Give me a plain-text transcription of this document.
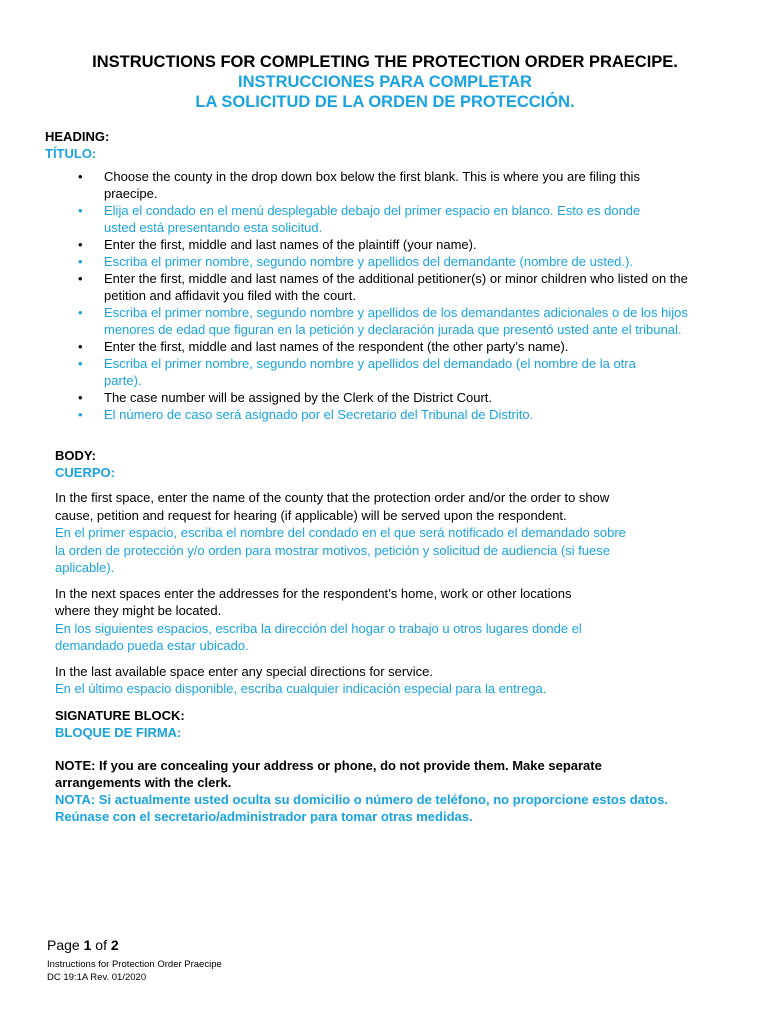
INSTRUCTIONS FOR COMPLETING THE PROTECTION ORDER PRAECIPE.
INSTRUCCIONES PARA COMPLETAR
LA SOLICITUD DE LA ORDEN DE PROTECCIÓN.
HEADING:
TÍTULO:
• Choose the county in the drop down box below the first blank. This is where you are filing this
praecipe.
• Elija el condado en el menú desplegable debajo del primer espacio en blanco. Esto es donde
usted está presentando esta solicitud.
• Enter the first, middle and last names of the plaintiff (your name).
• Escriba el primer nombre, segundo nombre y apellidos del demandante (nombre de usted.).
• Enter the first, middle and last names of the additional petitioner(s) or minor children who listed on the
petition and affidavit you filed with the court.
• Escriba el primer nombre, segundo nombre y apellidos de los demandantes adicionales o de los hijos
menores de edad que figuran en la petición y declaración jurada que presentó usted ante el tribunal.
• Enter the first, middle and last names of the respondent (the other party’s name).
• Escriba el primer nombre, segundo nombre y apellidos del demandado (el nombre de la otra
parte).
• The case number will be assigned by the Clerk of the District Court.
• El número de caso será asignado por el Secretario del Tribunal de Distrito.
BODY:
CUERPO:
In the first space, enter the name of the county that the protection order and/or the order to show
cause, petition and request for hearing (if applicable) will be served upon the respondent.
En el primer espacio, escriba el nombre del condado en el que será notificado el demandado sobre
la orden de protección y/o orden para mostrar motivos, petición y solicitud de audiencia (si fuese
aplicable).
In the next spaces enter the addresses for the respondent’s home, work or other locations
where they might be located.
En los siguientes espacios, escriba la dirección del hogar o trabajo u otros lugares donde el
demandado pueda estar ubicado.
In the last available space enter any special directions for service.
En el último espacio disponible, escriba cualquier indicación especial para la entrega.
SIGNATURE BLOCK:
BLOQUE DE FIRMA:
NOTE: If you are concealing your address or phone, do not provide them. Make separate
arrangements with the clerk.
NOTA: Si actualmente usted oculta su domicilio o número de teléfono, no proporcione estos datos.
Reúnase con el secretario/administrador para tomar otras medidas.
Page 1 of 2
Instructions for Protection Order Praecipe
DC 19:1A Rev. 01/2020
